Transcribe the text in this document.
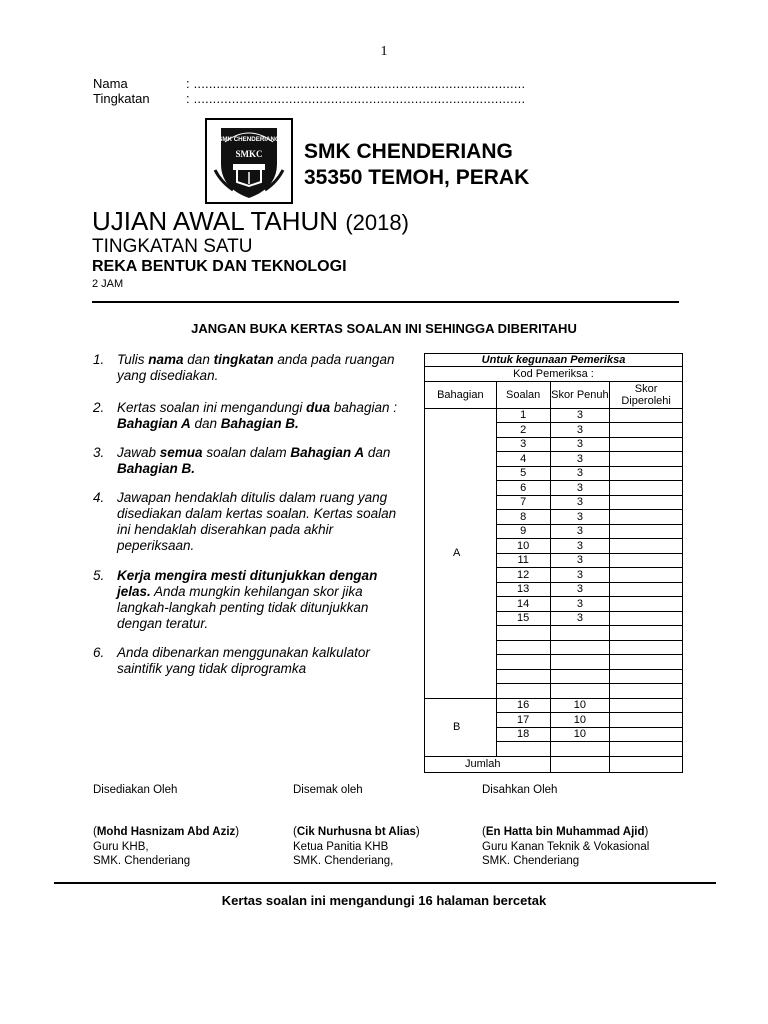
1
Nama	: .......................................................................................
Tingkatan	: .......................................................................................
SMK CHENDERIANG
SMKC SMK CHENDERIANG
35350 TEMOH, PERAK
UJIAN AWAL TAHUN (2018)
TINGKATAN SATU
REKA BENTUK DAN TEKNOLOGI
2 JAM
JANGAN BUKA KERTAS SOALAN INI SEHINGGA DIBERITAHU
1. Tulis nama dan tingkatan anda pada ruangan yang disediakan.
2. Kertas soalan ini mengandungi dua bahagian : Bahagian A dan Bahagian B.
3. Jawab semua soalan dalam Bahagian A dan Bahagian B.
4. Jawapan hendaklah ditulis dalam ruang yang disediakan dalam kertas soalan. Kertas soalan ini hendaklah diserahkan pada akhir peperiksaan.
5. Kerja mengira mesti ditunjukkan dengan jelas. Anda mungkin kehilangan skor jika langkah-langkah penting tidak ditunjukkan dengan teratur.
6. Anda dibenarkan menggunakan kalkulator saintifik yang tidak diprogramka
Untuk kegunaan Pemeriksa			
Kod Pemeriksa :			
Bahagian	Soalan	Skor Penuh	Skor Diperolehi
A	1	3	
	2	3	
	3	3	
	4	3	
	5	3	
	6	3	
	7	3	
	8	3	
	9	3	
	10	3	
	11	3	
	12	3	
	13	3	
	14	3	
	15	3	

B	16	10	
	17	10	
	18	10	

Jumlah			
Disediakan Oleh
(Mohd Hasnizam Abd Aziz)
Guru KHB,
SMK. Chenderiang
Disemak oleh
(Cik Nurhusna bt Alias)
Ketua Panitia KHB
SMK. Chenderiang,
Disahkan Oleh
(En Hatta bin Muhammad Ajid)
Guru Kanan Teknik & Vokasional
SMK. Chenderiang
Kertas soalan ini mengandungi 16 halaman bercetak
